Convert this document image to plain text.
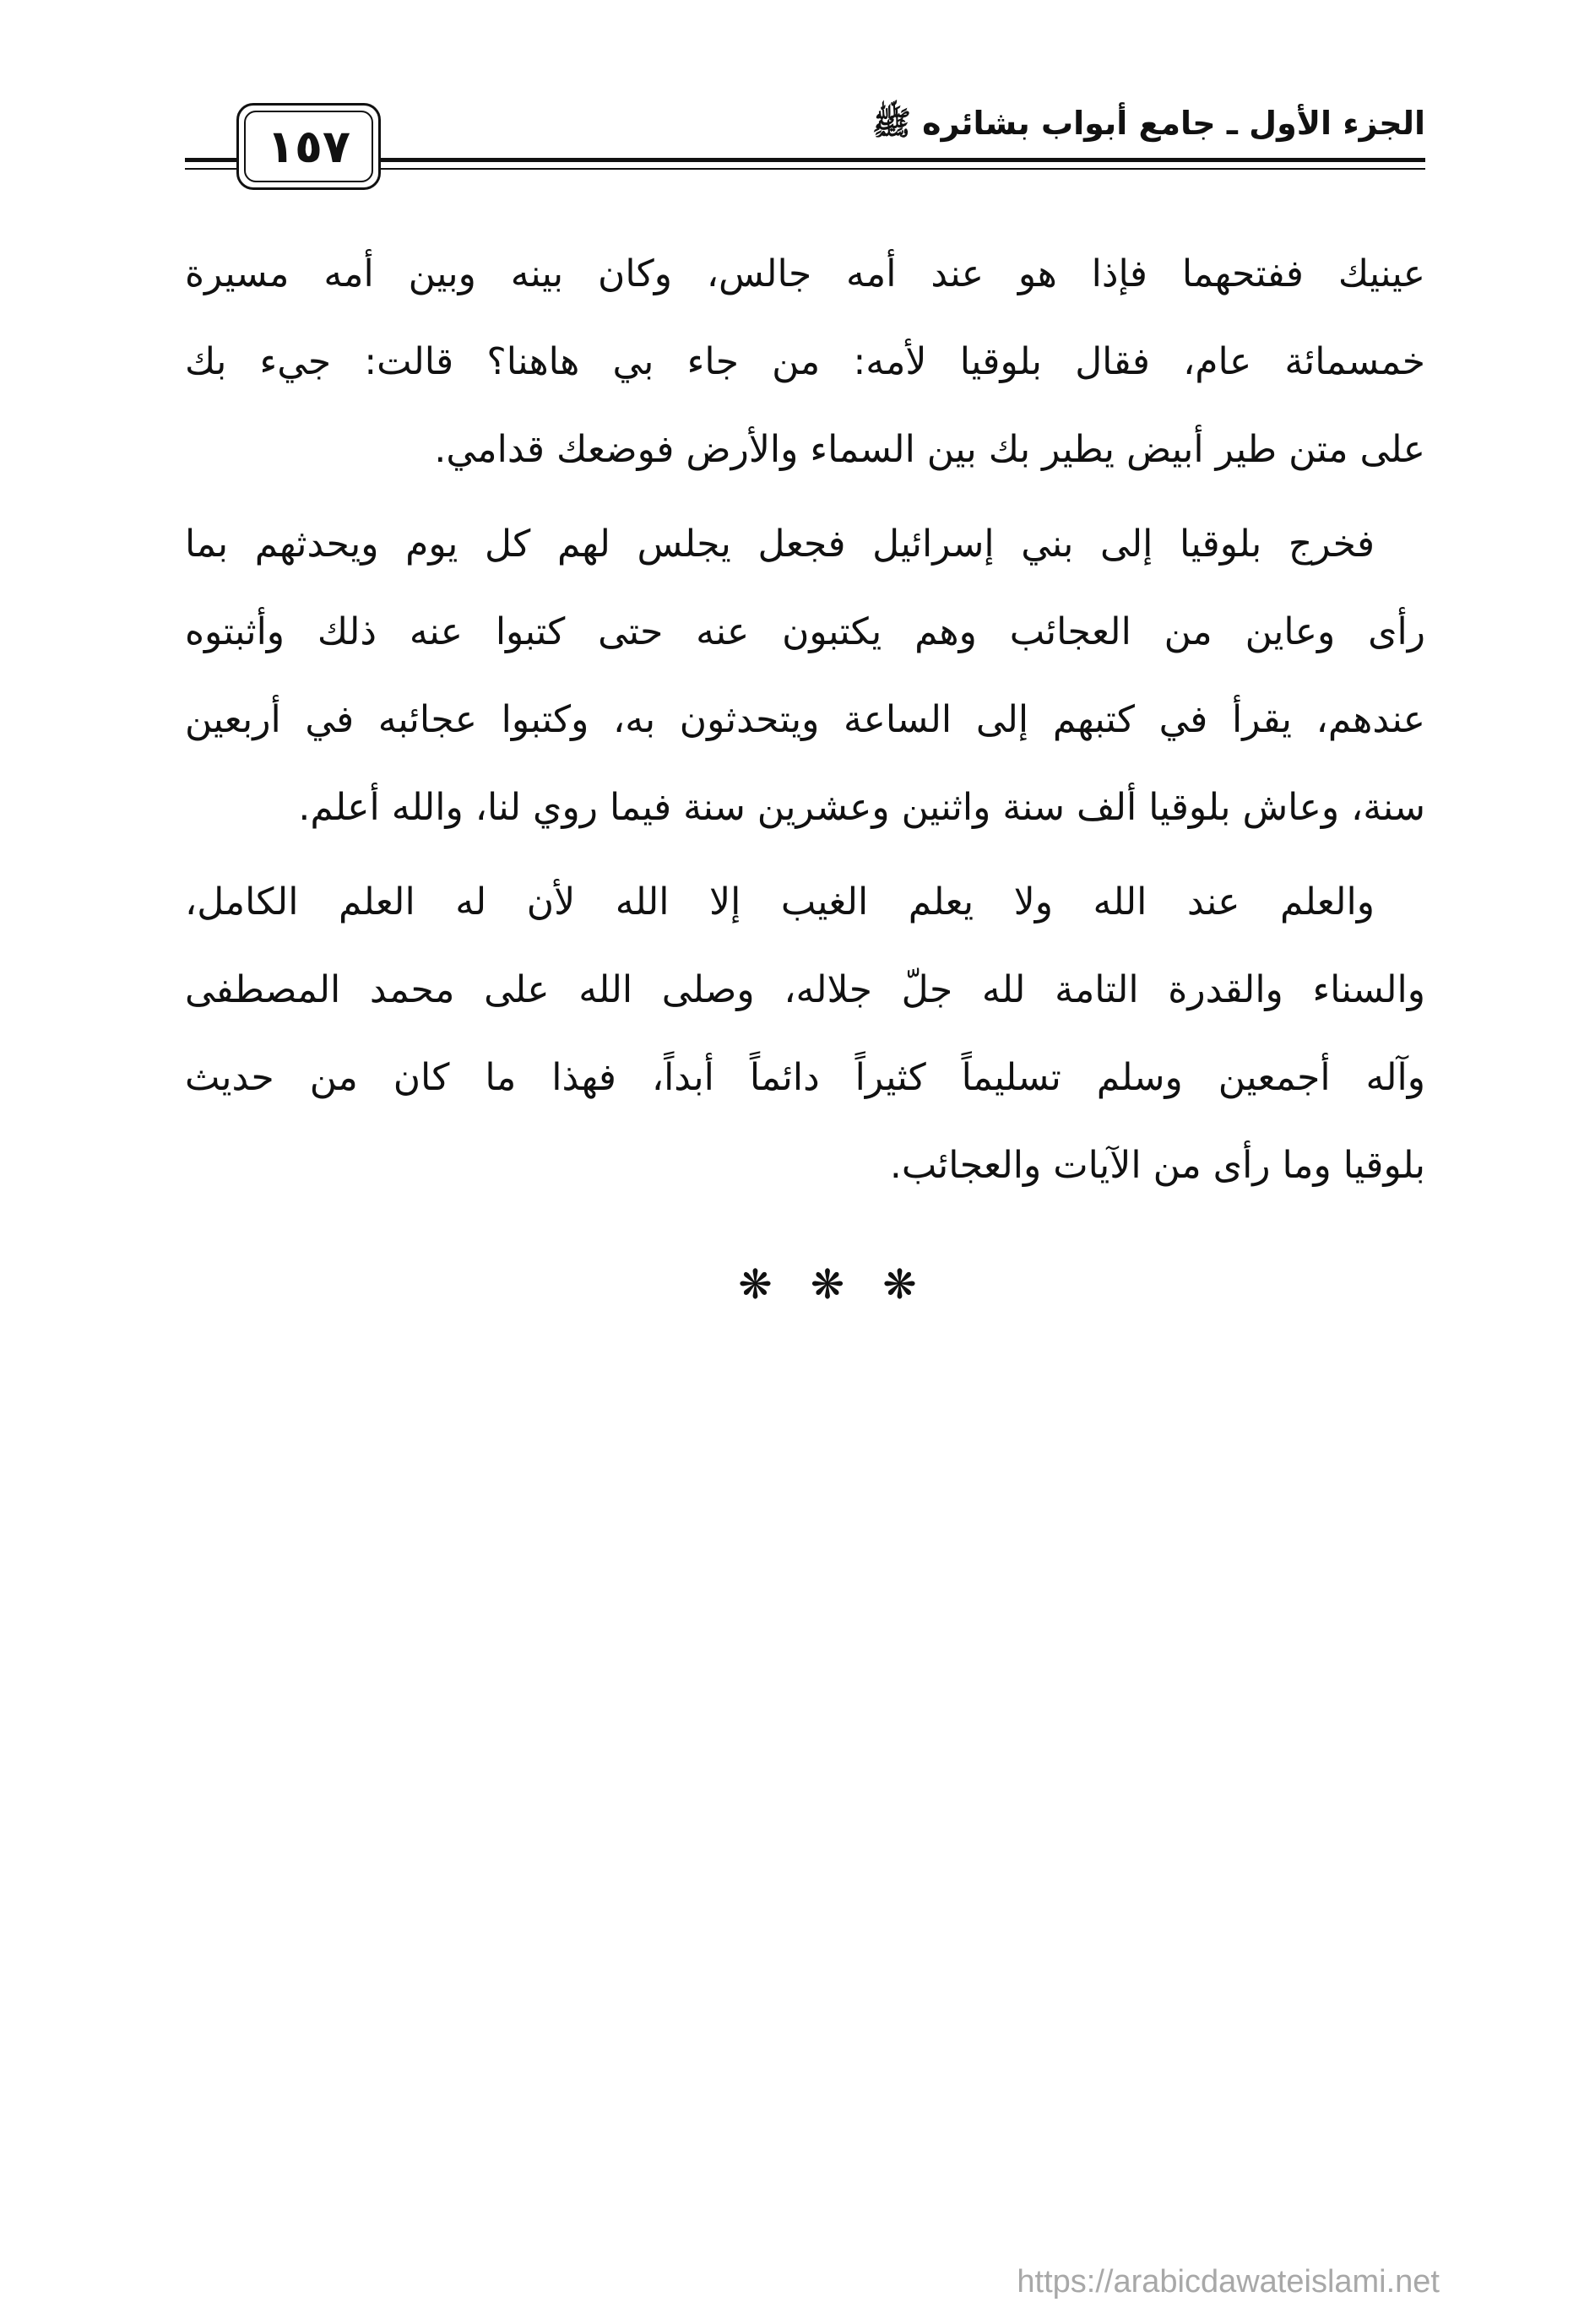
الجزء الأول ـ جامع أبواب بشائره ﷺ
١٥٧
عينيك ففتحهما فإذا هو عند أمه جالس، وكان بينه وبين أمه مسيرة
خمسمائة عام، فقال بلوقيا لأمه: من جاء بي هاهنا؟ قالت: جيء بك
على متن طير أبيض يطير بك بين السماء والأرض فوضعك قدامي.
فخرج بلوقيا إلى بني إسرائيل فجعل يجلس لهم كل يوم ويحدثهم بما
رأى وعاين من العجائب وهم يكتبون عنه حتى كتبوا عنه ذلك وأثبتوه
عندهم، يقرأ في كتبهم إلى الساعة ويتحدثون به، وكتبوا عجائبه في أربعين
سنة، وعاش بلوقيا ألف سنة واثنين وعشرين سنة فيما روي لنا، والله أعلم.
والعلم عند الله ولا يعلم الغيب إلا الله لأن له العلم الكامل،
والسناء والقدرة التامة لله جلّ جلاله، وصلى الله على محمد المصطفى
وآله أجمعين وسلم تسليماً كثيراً دائماً أبداً، فهذا ما كان من حديث
بلوقيا وما رأى من الآيات والعجائب.
❋ ❋ ❋
https://arabicdawateislami.net
